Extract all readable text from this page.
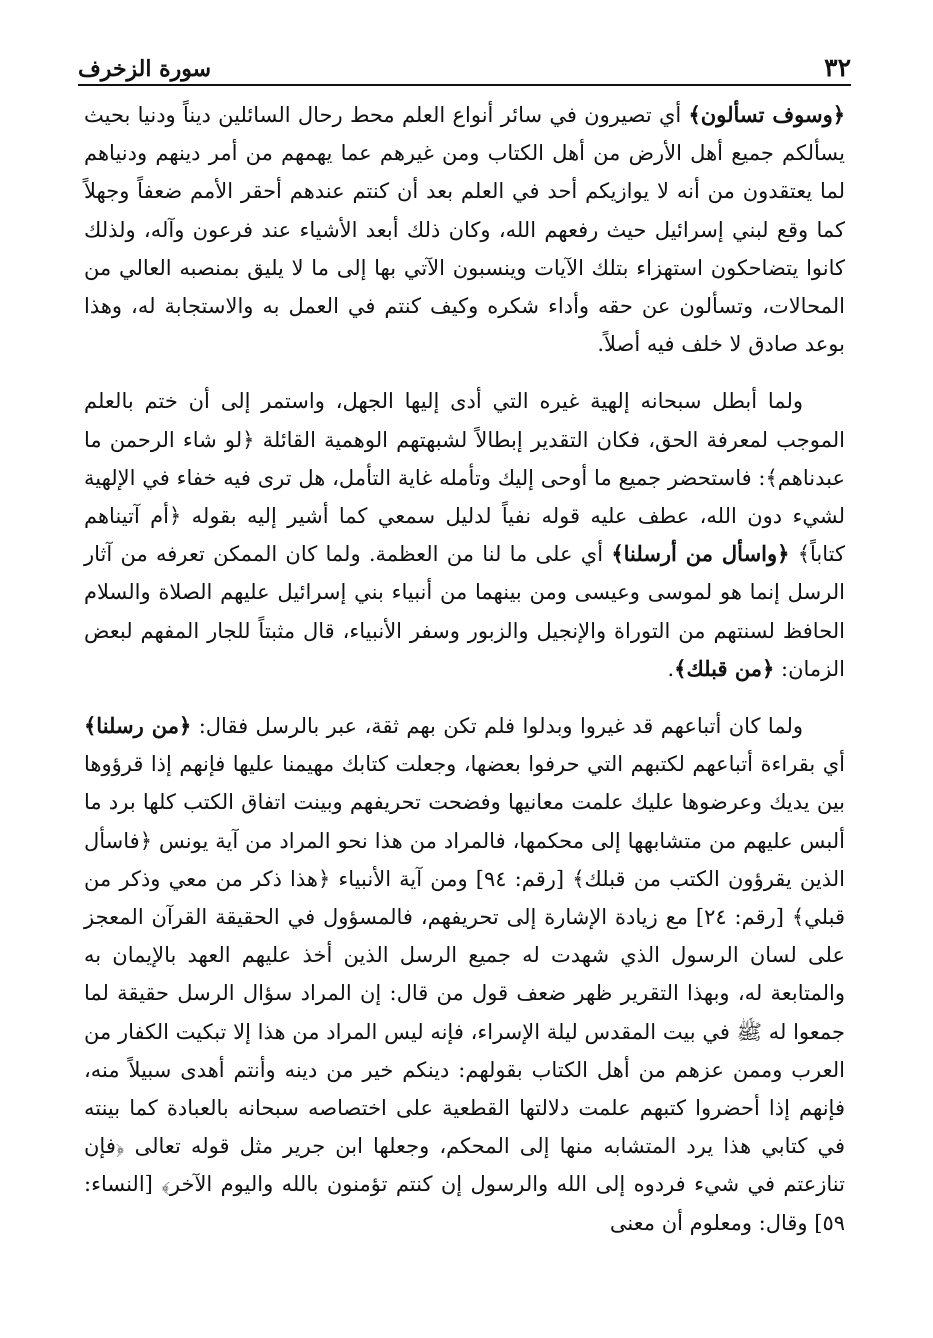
٣٢
سورة الزخرف

﴿وسوف تسألون﴾ أي تصيرون في سائر أنواع العلم محط رحال السائلين ديناً ودنيا بحيث يسألكم جميع أهل الأرض من أهل الكتاب ومن غيرهم عما يهمهم من أمر دينهم ودنياهم لما يعتقدون من أنه لا يوازيكم أحد في العلم بعد أن كنتم عندهم أحقر الأمم ضعفاً وجهلاً كما وقع لبني إسرائيل حيث رفعهم الله، وكان ذلك أبعد الأشياء عند فرعون وآله، ولذلك كانوا يتضاحكون استهزاء بتلك الآيات وينسبون الآتي بها إلى ما لا يليق بمنصبه العالي من المحالات، وتسألون عن حقه وأداء شكره وكيف كنتم في العمل به والاستجابة له، وهذا بوعد صادق لا خلف فيه أصلاً.

ولما أبطل سبحانه إلهية غيره التي أدى إليها الجهل، واستمر إلى أن ختم بالعلم الموجب لمعرفة الحق، فكان التقدير إبطالاً لشبهتهم الوهمية القائلة ﴿لو شاء الرحمن ما عبدناهم﴾: فاستحضر جميع ما أوحى إليك وتأمله غاية التأمل، هل ترى فيه خفاء في الإلهية لشيء دون الله، عطف عليه قوله نفياً لدليل سمعي كما أشير إليه بقوله ﴿أم آتيناهم كتاباً﴾ ﴿واسأل من أرسلنا﴾ أي على ما لنا من العظمة. ولما كان الممكن تعرفه من آثار الرسل إنما هو لموسى وعيسى ومن بينهما من أنبياء بني إسرائيل عليهم الصلاة والسلام الحافظ لسنتهم من التوراة والإنجيل والزبور وسفر الأنبياء، قال مثبتاً للجار المفهم لبعض الزمان: ﴿من قبلك﴾.

ولما كان أتباعهم قد غيروا وبدلوا فلم تكن بهم ثقة، عبر بالرسل فقال: ﴿من رسلنا﴾ أي بقراءة أتباعهم لكتبهم التي حرفوا بعضها، وجعلت كتابك مهيمنا عليها فإنهم إذا قرؤوها بين يديك وعرضوها عليك علمت معانيها وفضحت تحريفهم وبينت اتفاق الكتب كلها برد ما ألبس عليهم من متشابهها إلى محكمها، فالمراد من هذا نحو المراد من آية يونس ﴿فاسأل الذين يقرؤون الكتب من قبلك﴾ [رقم: ٩٤] ومن آية الأنبياء ﴿هذا ذكر من معي وذكر من قبلي﴾ [رقم: ٢٤] مع زيادة الإشارة إلى تحريفهم، فالمسؤول في الحقيقة القرآن المعجز على لسان الرسول الذي شهدت له جميع الرسل الذين أخذ عليهم العهد بالإيمان به والمتابعة له، وبهذا التقرير ظهر ضعف قول من قال: إن المراد سؤال الرسل حقيقة لما جمعوا له ﷺ في بيت المقدس ليلة الإسراء، فإنه ليس المراد من هذا إلا تبكيت الكفار من العرب وممن عزهم من أهل الكتاب بقولهم: دينكم خير من دينه وأنتم أهدى سبيلاً منه، فإنهم إذا أحضروا كتبهم علمت دلالتها القطعية على اختصاصه سبحانه بالعبادة كما بينته في كتابي هذا يرد المتشابه منها إلى المحكم، وجعلها ابن جرير مثل قوله تعالى ﴿فإن تنازعتم في شيء فردوه إلى الله والرسول إن كنتم تؤمنون بالله واليوم الآخر﴾ [النساء: ٥٩] وقال: ومعلوم أن معنى
